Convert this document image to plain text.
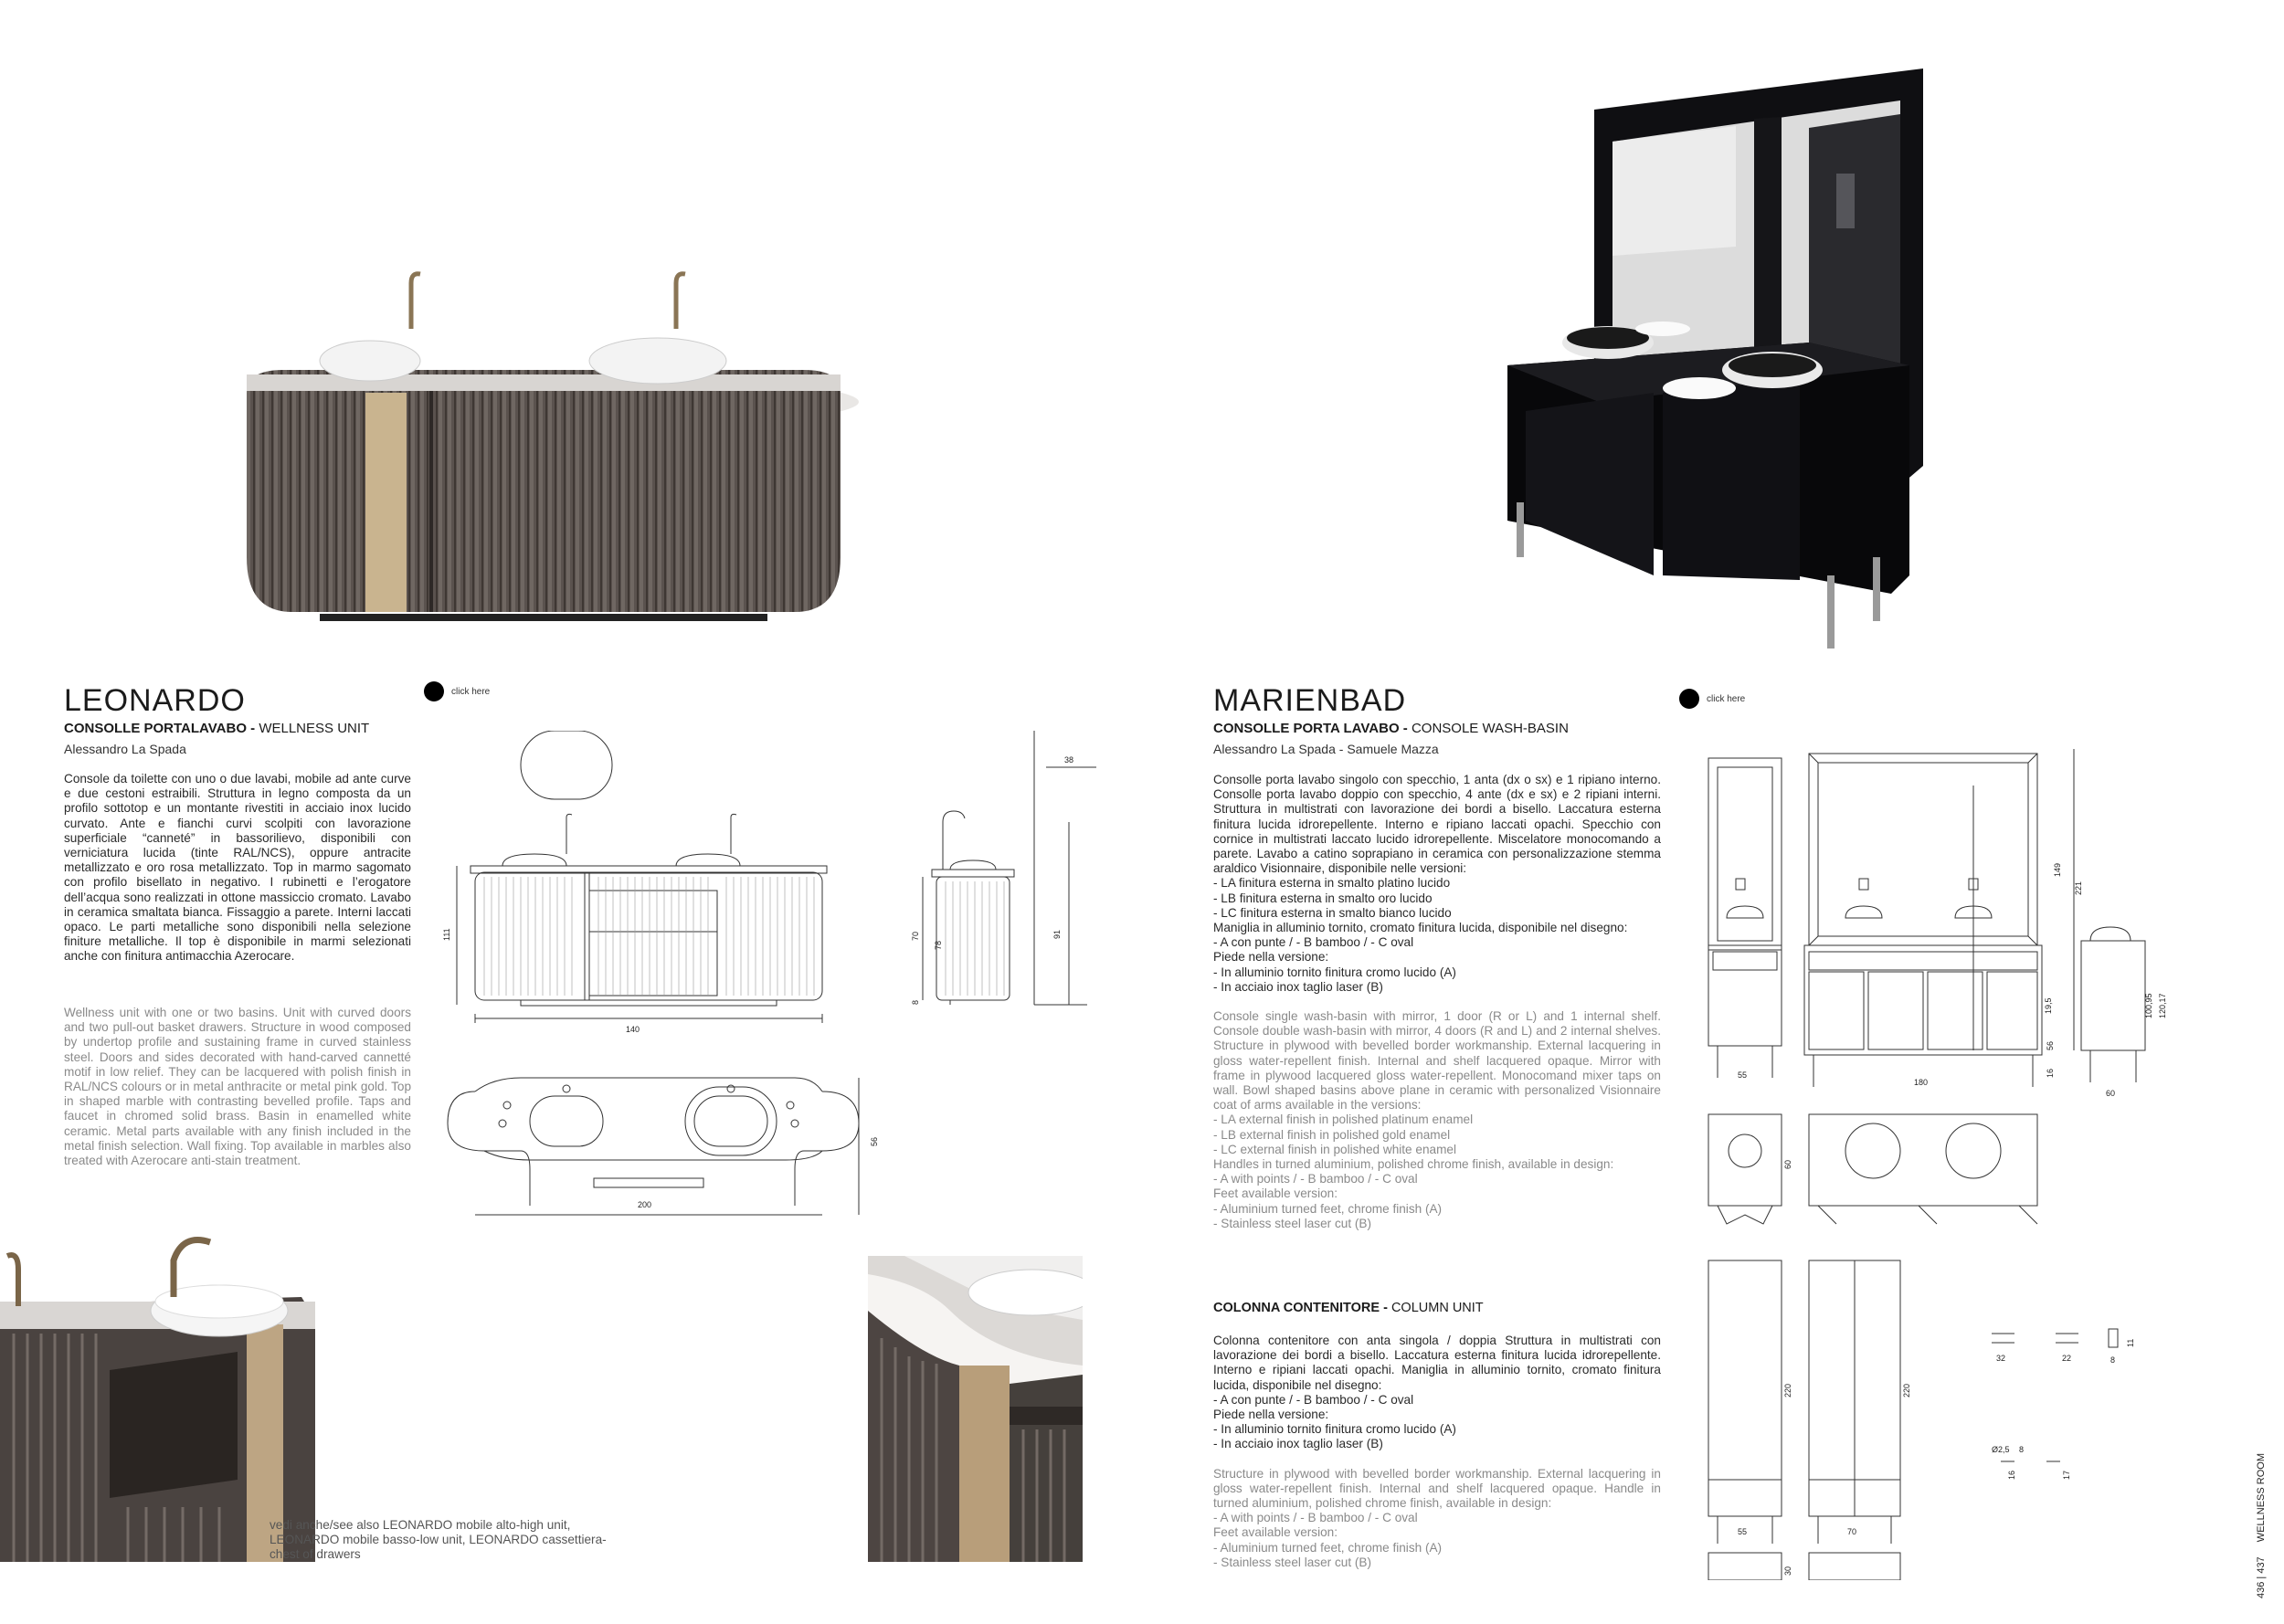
LEONARDO
CONSOLLE PORTALAVABO - WELLNESS UNIT
Alessandro La Spada
click here
Console da toilette con uno o due lavabi, mobile ad ante curve e due cestoni estraibili. Struttura in legno composta da un profilo sottotop e un montante rivestiti in acciaio inox lucido curvato. Ante e fianchi curvi scolpiti con lavorazione superficiale “canneté” in bassorilievo, disponibili con verniciatura lucida (tinte RAL/NCS), oppure antracite metallizzato e oro rosa metallizzato. Top in marmo sagomato con profilo bisellato in negativo. I rubinetti e l’erogatore dell’acqua sono realizzati in ottone massiccio cromato. Lavabo in ceramica smaltata bianca. Fissaggio a parete. Interni laccati opaco. Le parti metalliche sono disponibili nella selezione finiture metalliche. Il top è disponibile in marmi selezionati anche con finitura antimacchia Azerocare.
Wellness unit with one or two basins. Unit with curved doors and two pull-out basket drawers. Structure in wood composed by undertop profile and sustaining frame in curved stainless steel. Doors and sides decorated with hand-carved cannetté motif in low relief. They can be lacquered with polish finish in RAL/NCS colours or in metal anthracite or metal pink gold. Top in shaped marble with contrasting bevelled profile. Taps and faucet in chromed solid brass. Basin in enamelled white ceramic. Metal parts available with any finish included in the metal finish selection. Wall fixing. Top available in marbles also treated with Azerocare anti-stain treatment.
140
200
111	70
78
8
91
38
56
vedi anche/see also LEONARDO mobile alto-high unit, LEONARDO mobile basso-low unit, LEONARDO cassettiera-chest of drawers
MARIENBAD
CONSOLLE PORTA LAVABO - CONSOLE WASH-BASIN
Alessandro La Spada - Samuele Mazza
click here
Consolle porta lavabo singolo con specchio, 1 anta (dx o sx) e 1 ripiano interno. Consolle porta lavabo doppio con specchio, 4 ante (dx e sx) e 2 ripiani interni. Struttura in multistrati con lavorazione dei bordi a bisello. Laccatura esterna finitura lucida idrorepellente. Interno e ripiano laccati opachi. Specchio con cornice in multistrati laccato lucido idrorepellente. Miscelatore monocomando a parete. Lavabo a catino soprapiano in ceramica con personalizzazione stemma araldico Visionnaire, disponibile nelle versioni:
- LA finitura esterna in smalto platino lucido
- LB finitura esterna in smalto oro lucido
- LC finitura esterna in smalto bianco lucido
Maniglia in alluminio tornito, cromato finitura lucida, disponibile nel disegno:
- A con punte / - B bamboo / - C oval
Piede nella versione:
- In alluminio tornito finitura cromo lucido (A)
- In acciaio inox taglio laser (B)
Console single wash-basin with mirror, 1 door (R or L) and 1 internal shelf. Console double wash-basin with mirror, 4 doors (R and L) and 2 internal shelves. Structure in plywood with bevelled border workmanship. External lacquering in gloss water-repellent finish. Internal and shelf lacquered opaque. Mirror with frame in plywood lacquered gloss water-repellent. Monocomand mixer taps on wall. Bowl shaped basins above plane in ceramic with personalized Visionnaire coat of arms available in the versions:
- LA external finish in polished platinum enamel
- LB external finish in polished gold enamel
- LC external finish in polished white enamel
Handles in turned aluminium, polished chrome finish, available in design:
- A with points / - B bamboo / - C oval
Feet available version:
- Aluminium turned feet, chrome finish (A)
- Stainless steel laser cut (B)
COLONNA CONTENITORE - COLUMN UNIT
Colonna contenitore con anta singola / doppia Struttura in multistrati con lavorazione dei bordi a bisello. Laccatura esterna finitura lucida idrorepellente. Interno e ripiani laccati opachi. Maniglia in alluminio tornito, cromato finitura lucida, disponibile nel disegno:
- A con punte / - B bamboo / - C oval
Piede nella versione:
- In alluminio tornito finitura cromo lucido (A)
- In acciaio inox taglio laser (B)
Structure in plywood with bevelled border workmanship. External lacquering in gloss water-repellent finish. Internal and shelf lacquered opaque. Handle in turned aluminium, polished chrome finish, available in design:
- A with points / - B bamboo / - C oval
Feet available version:
- Aluminium turned feet, chrome finish (A)
- Stainless steel laser cut (B)
55
180
60
149
221
19,5
56
16
100,95 120,17
60
220	220
55	70
30
32	22	8
11
Ø2,5 8
16	17
436 | 437  WELLNESS ROOM
